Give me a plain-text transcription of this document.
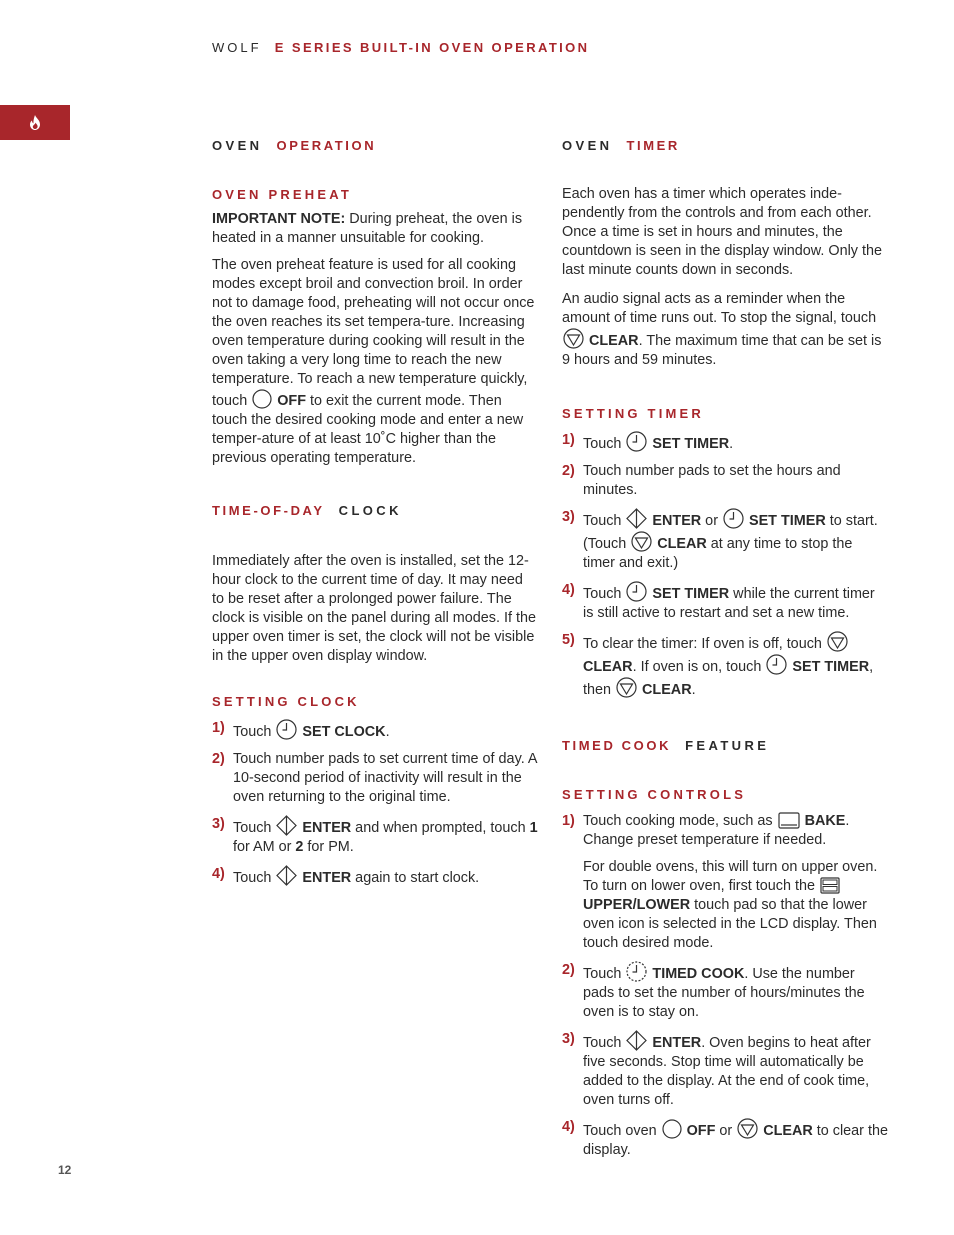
WOLF E SERIES BUILT-IN OVEN OPERATION
OVEN OPERATION
OVEN PREHEAT

IMPORTANT NOTE: During preheat, the oven is heated in a manner unsuitable for cooking.

The oven preheat feature is used for all cooking modes except broil and convection broil. In order not to damage food, preheating will not occur once the oven reaches its set tempera-ture. Increasing oven temperature during cooking will result in the oven taking a very long time to reach the new temperature. To reach a new temperature quickly, touch OFF to exit the current mode. Then touch the desired cooking mode and enter a new temper-ature of at least 10˚C higher than the previous operating temperature.

TIME-OF-DAY CLOCK

Immediately after the oven is installed, set the 12-hour clock to the current time of day. It may need to be reset after a prolonged power failure. The clock is visible on the panel during all modes. If the upper oven timer is set, the clock will not be visible in the upper oven display window.

SETTING CLOCK
1) Touch SET CLOCK.
2) Touch number pads to set current time of day. A 10-second period of inactivity will result in the oven returning to the original time.
3) Touch ENTER and when prompted, touch 1 for AM or 2 for PM.
4) Touch ENTER again to start clock.
OVEN TIMER

Each oven has a timer which operates inde-pendently from the controls and from each other. Once a time is set in hours and minutes, the countdown is seen in the display window. Only the last minute counts down in seconds.

An audio signal acts as a reminder when the amount of time runs out. To stop the signal, touch  CLEAR. The maximum time that can be set is 9 hours and 59 minutes.

SETTING TIMER
1) Touch SET TIMER.
2) Touch number pads to set the hours and minutes.
3) Touch ENTER or  SET TIMER to start. (Touch CLEAR at any time to stop the timer and exit.)
4) Touch SET TIMER while the current timer is still active to restart and set a new time.
5) To clear the timer: If oven is off, touch  CLEAR. If oven is on, touch SET TIMER, then CLEAR.
TIMED COOK FEATURE
SETTING CONTROLS
1) Touch cooking mode, such as BAKE. Change preset temperature if needed.
For double ovens, this will turn on upper oven. To turn on lower oven, first touch the  UPPER/LOWER touch pad so that the lower oven icon is selected in the LCD display. Then touch desired mode.
2) Touch TIMED COOK. Use the number pads to set the number of hours/minutes the oven is to stay on.
3) Touch ENTER. Oven begins to heat after five seconds. Stop time will automatically be added to the display. At the end of cook time, oven turns off.
4) Touch oven OFF or  CLEAR to clear the display.
12
